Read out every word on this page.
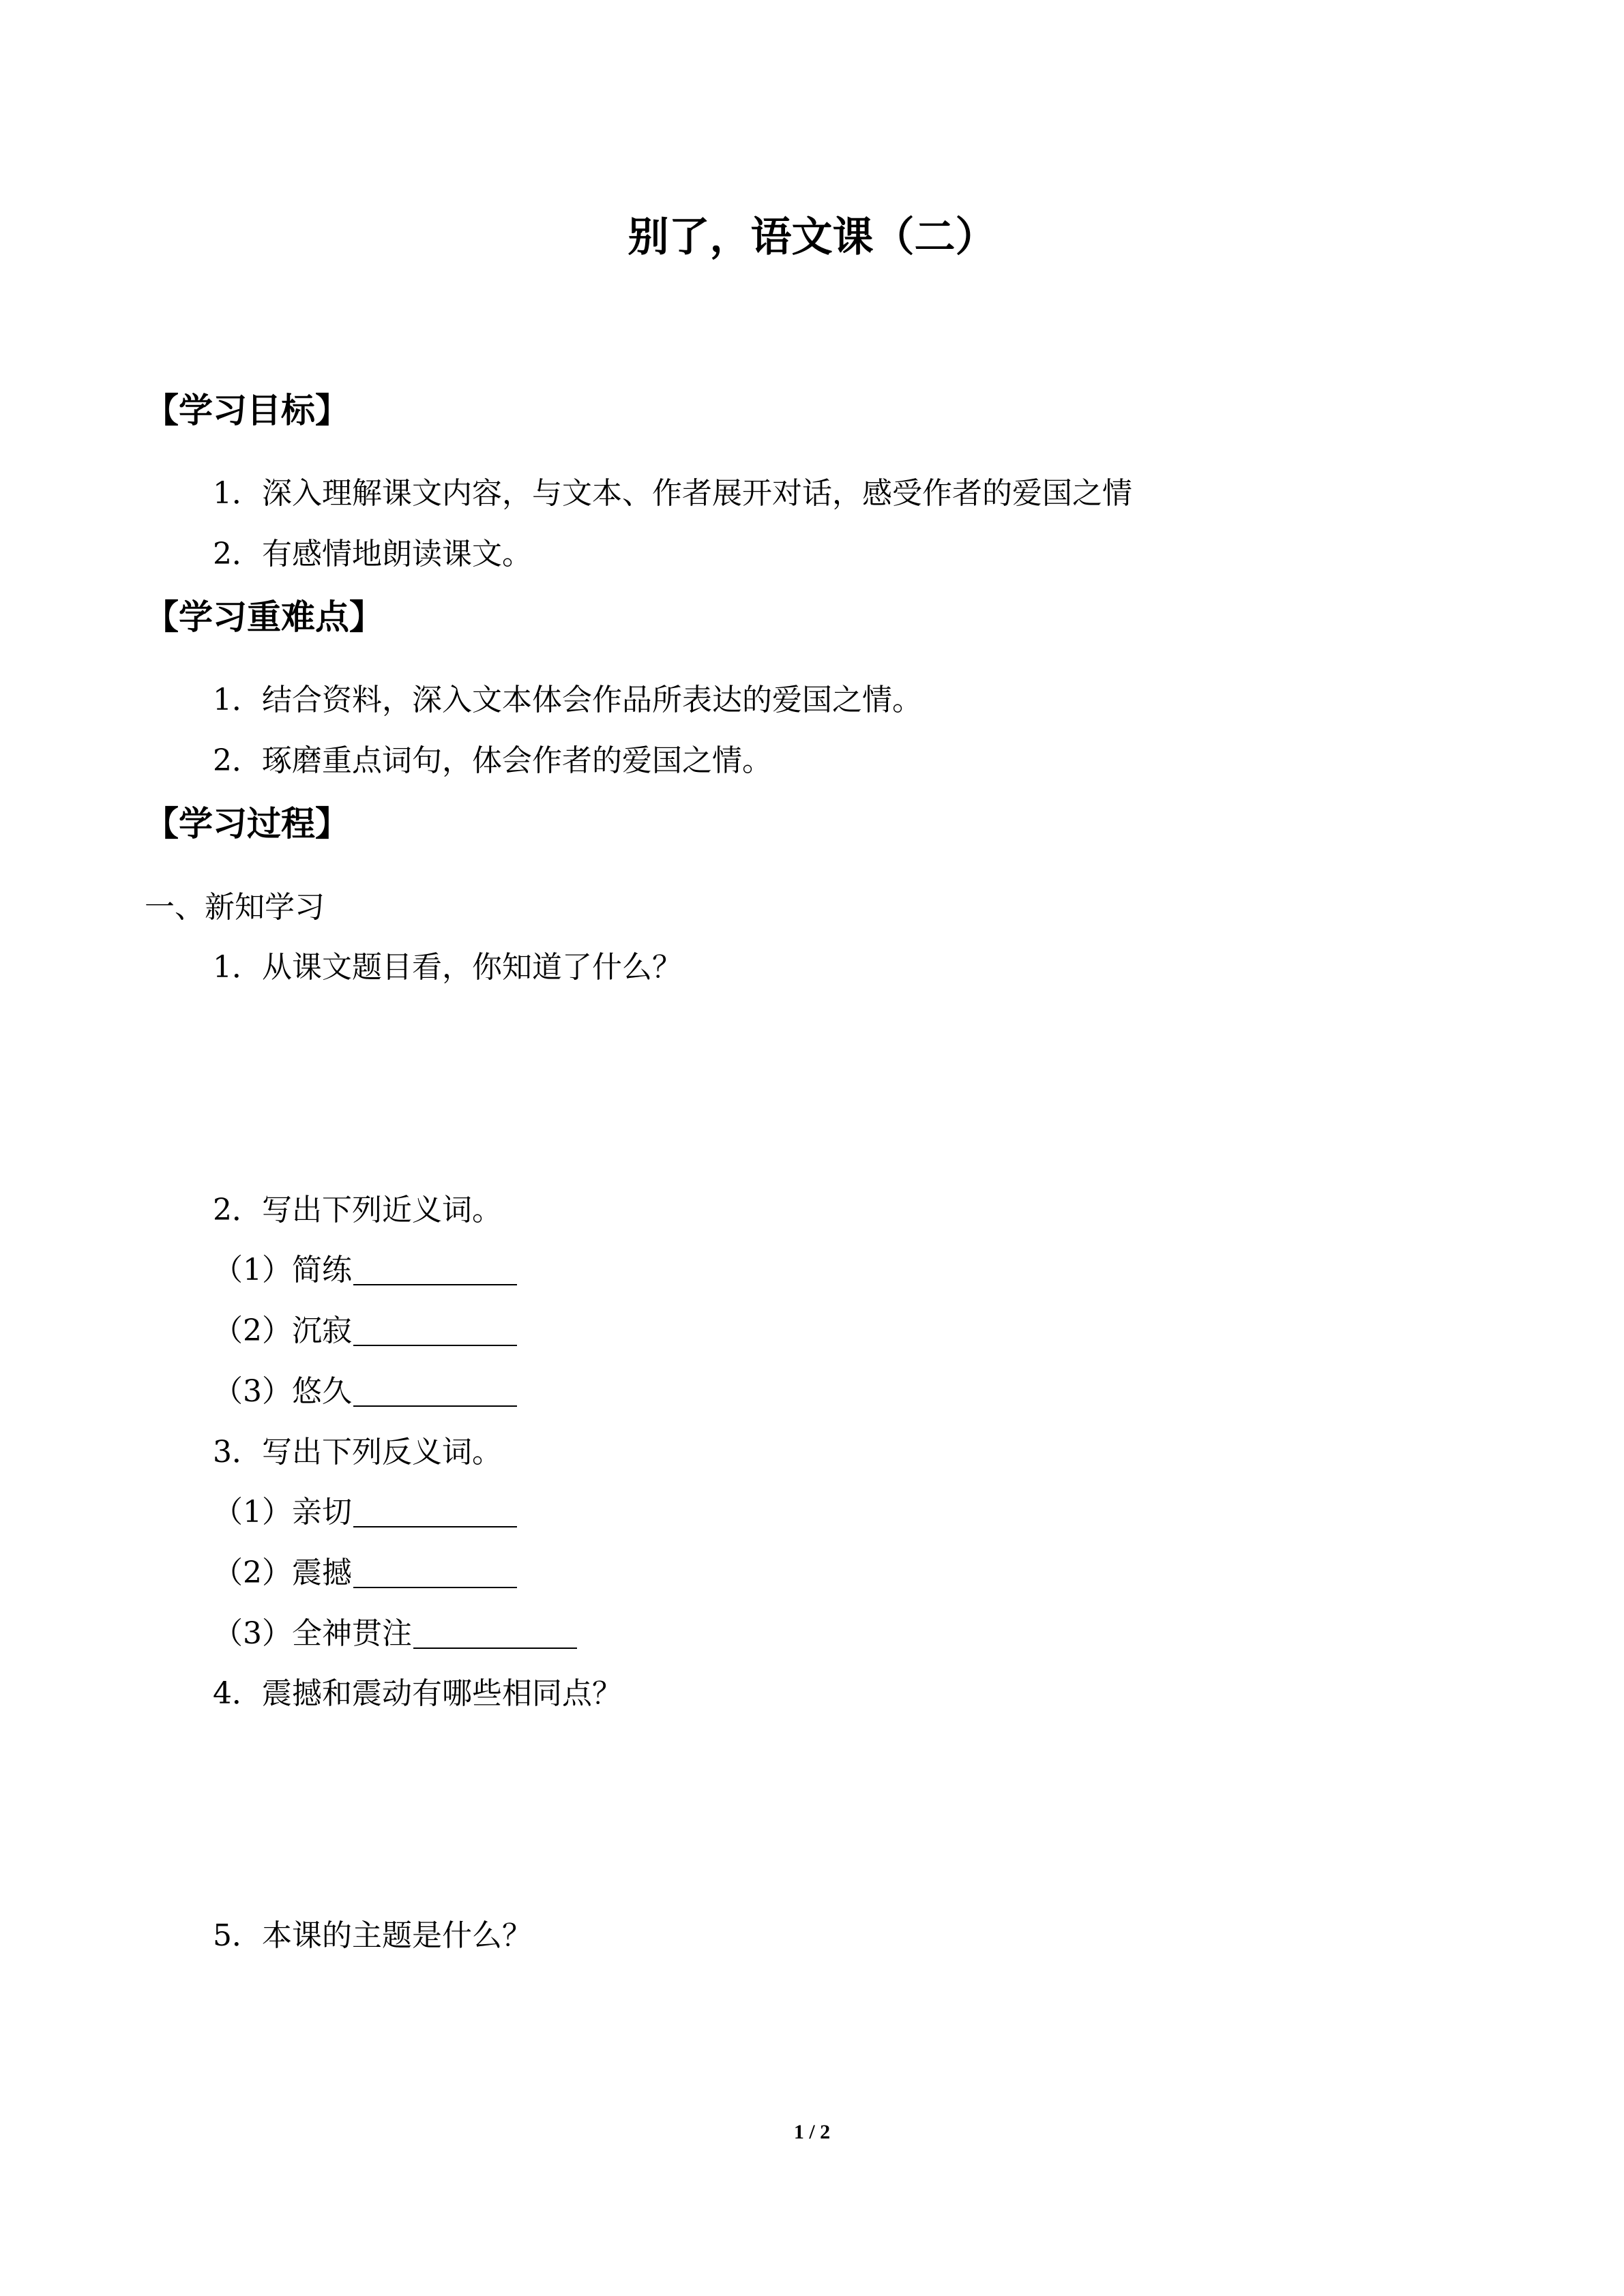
别了，语文课（二）
【学习目标】
1．深入理解课文内容，与文本、作者展开对话，感受作者的爱国之情
2．有感情地朗读课文。
【学习重难点】
1．结合资料，深入文本体会作品所表达的爱国之情。
2．琢磨重点词句，体会作者的爱国之情。
【学习过程】
一、新知学习
1．从课文题目看，你知道了什么？
2．写出下列近义词。
（1）简练
（2）沉寂
（3）悠久
3．写出下列反义词。
（1）亲切
（2）震撼
（3）全神贯注
4．震撼和震动有哪些相同点？
5．本课的主题是什么？
1 / 2
